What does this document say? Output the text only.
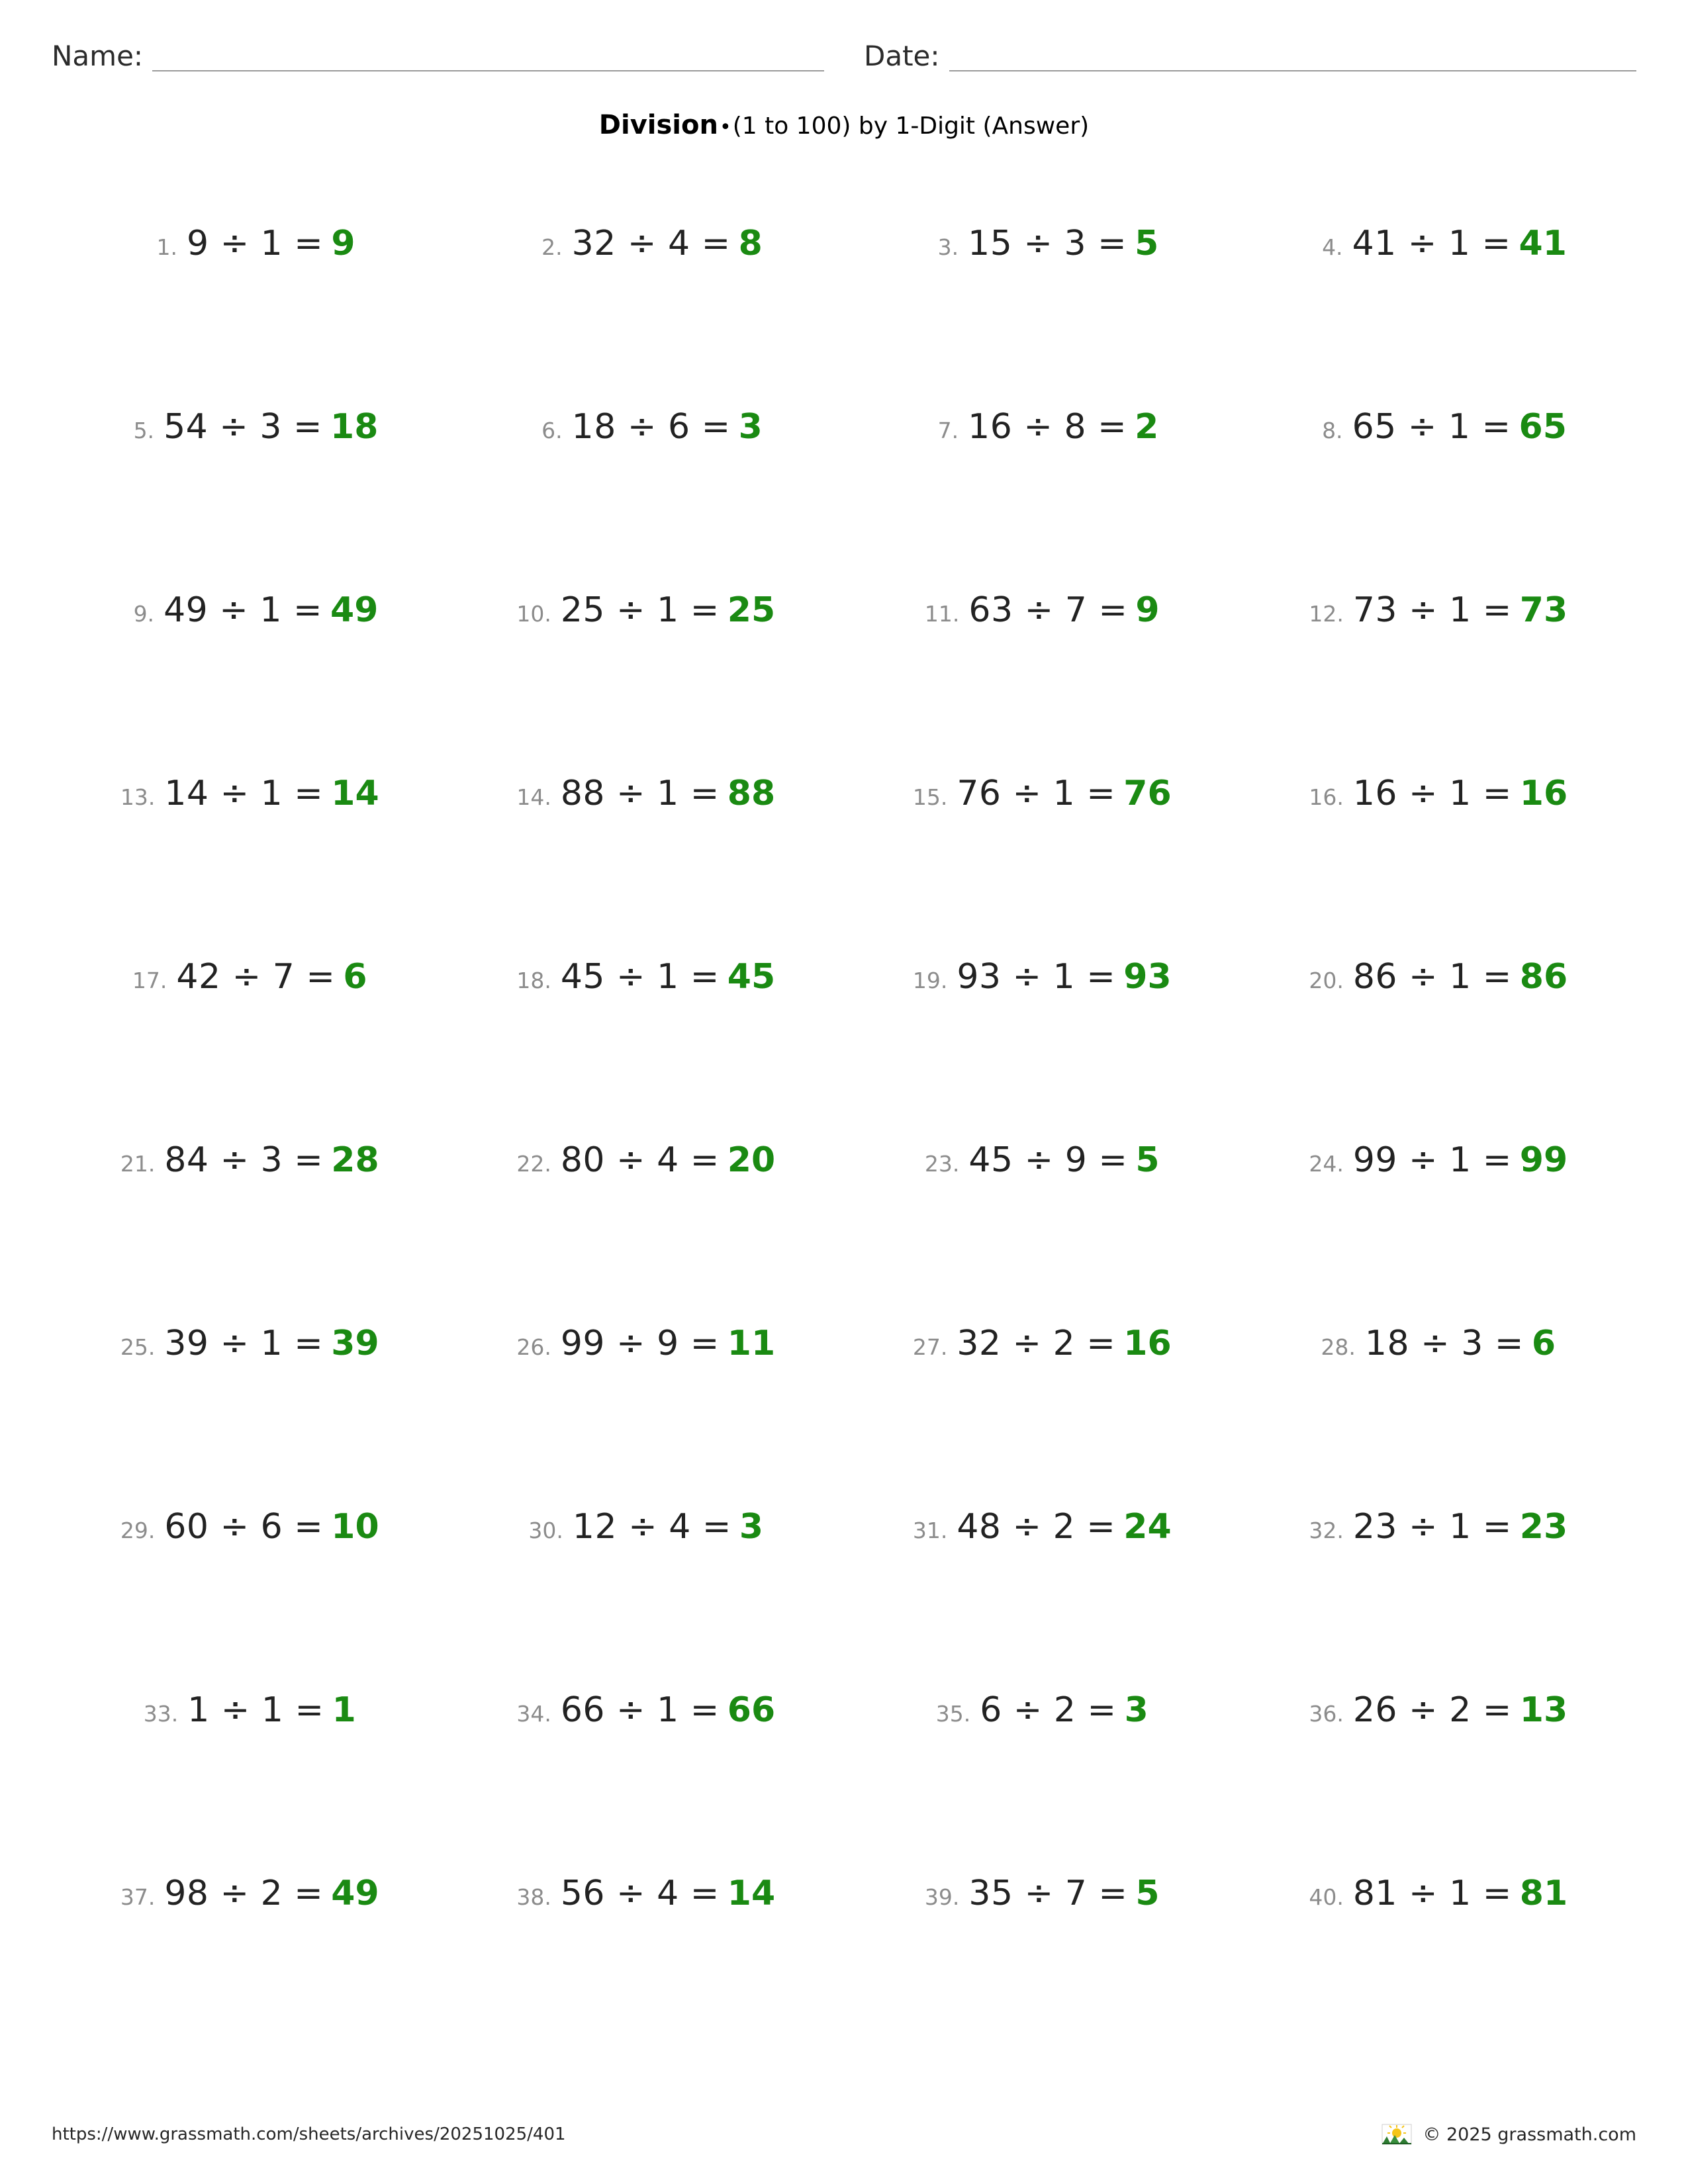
Name:	Date:
Division•(1 to 100) by 1-Digit (Answer)
1. 9 ÷ 1 = 9	2. 32 ÷ 4 = 8	3. 15 ÷ 3 = 5	4. 41 ÷ 1 = 41
5. 54 ÷ 3 = 18	6. 18 ÷ 6 = 3	7. 16 ÷ 8 = 2	8. 65 ÷ 1 = 65
9. 49 ÷ 1 = 49	10. 25 ÷ 1 = 25	11. 63 ÷ 7 = 9	12. 73 ÷ 1 = 73
13. 14 ÷ 1 = 14	14. 88 ÷ 1 = 88	15. 76 ÷ 1 = 76	16. 16 ÷ 1 = 16
17. 42 ÷ 7 = 6	18. 45 ÷ 1 = 45	19. 93 ÷ 1 = 93	20. 86 ÷ 1 = 86
21. 84 ÷ 3 = 28	22. 80 ÷ 4 = 20	23. 45 ÷ 9 = 5	24. 99 ÷ 1 = 99
25. 39 ÷ 1 = 39	26. 99 ÷ 9 = 11	27. 32 ÷ 2 = 16	28. 18 ÷ 3 = 6
29. 60 ÷ 6 = 10	30. 12 ÷ 4 = 3	31. 48 ÷ 2 = 24	32. 23 ÷ 1 = 23
33. 1 ÷ 1 = 1	34. 66 ÷ 1 = 66	35. 6 ÷ 2 = 3	36. 26 ÷ 2 = 13
37. 98 ÷ 2 = 49	38. 56 ÷ 4 = 14	39. 35 ÷ 7 = 5	40. 81 ÷ 1 = 81
https://www.grassmath.com/sheets/archives/20251025/401	© 2025 grassmath.com
